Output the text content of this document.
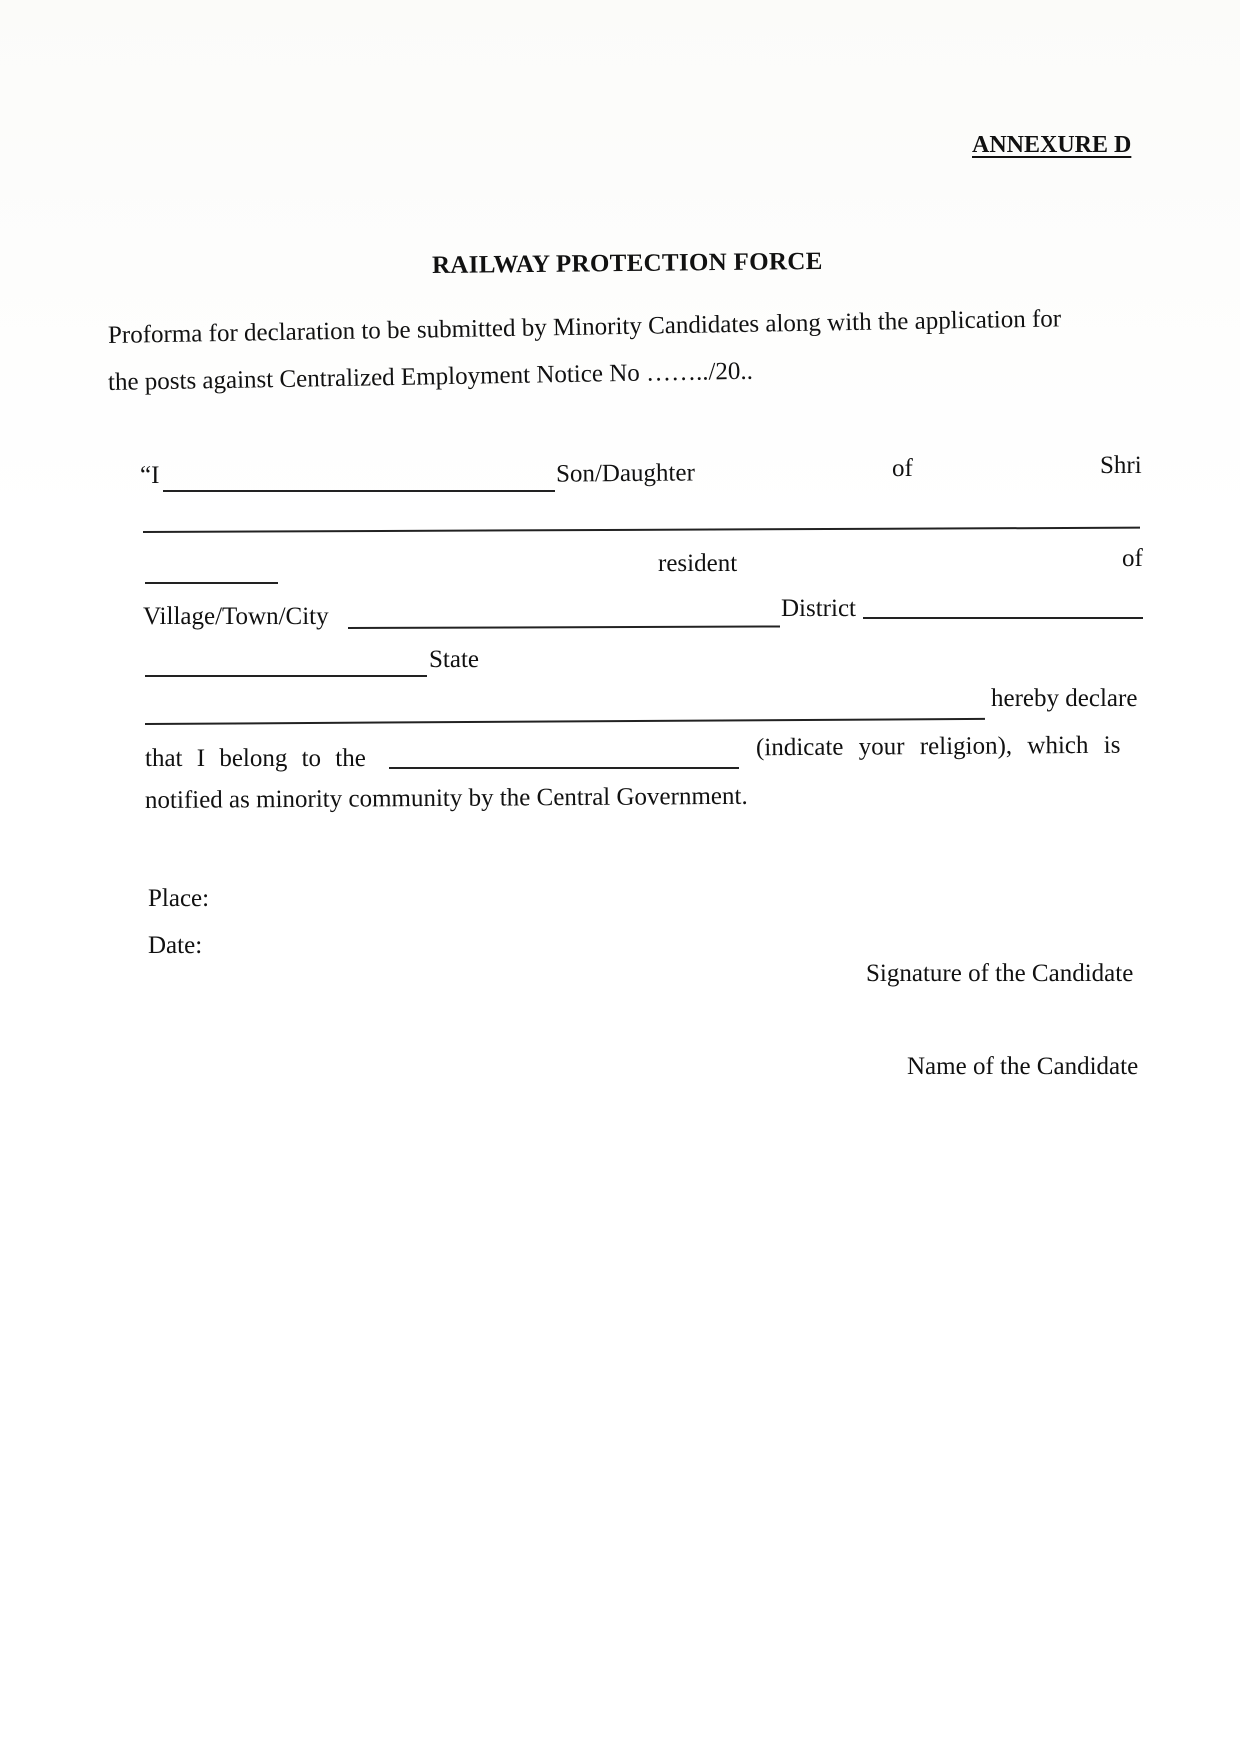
ANNEXURE D
RAILWAY PROTECTION FORCE
Proforma for declaration to be submitted by Minority Candidates along with the application for
the posts against Centralized Employment Notice No ……../20..
“I	Son/Daughter	of	Shri
resident	of
Village/Town/City	District
State
hereby declare
that I belong to the	(indicate your religion), which is
notified as minority community by the Central Government.
Place:
Date:
Signature of the Candidate
Name of the Candidate
